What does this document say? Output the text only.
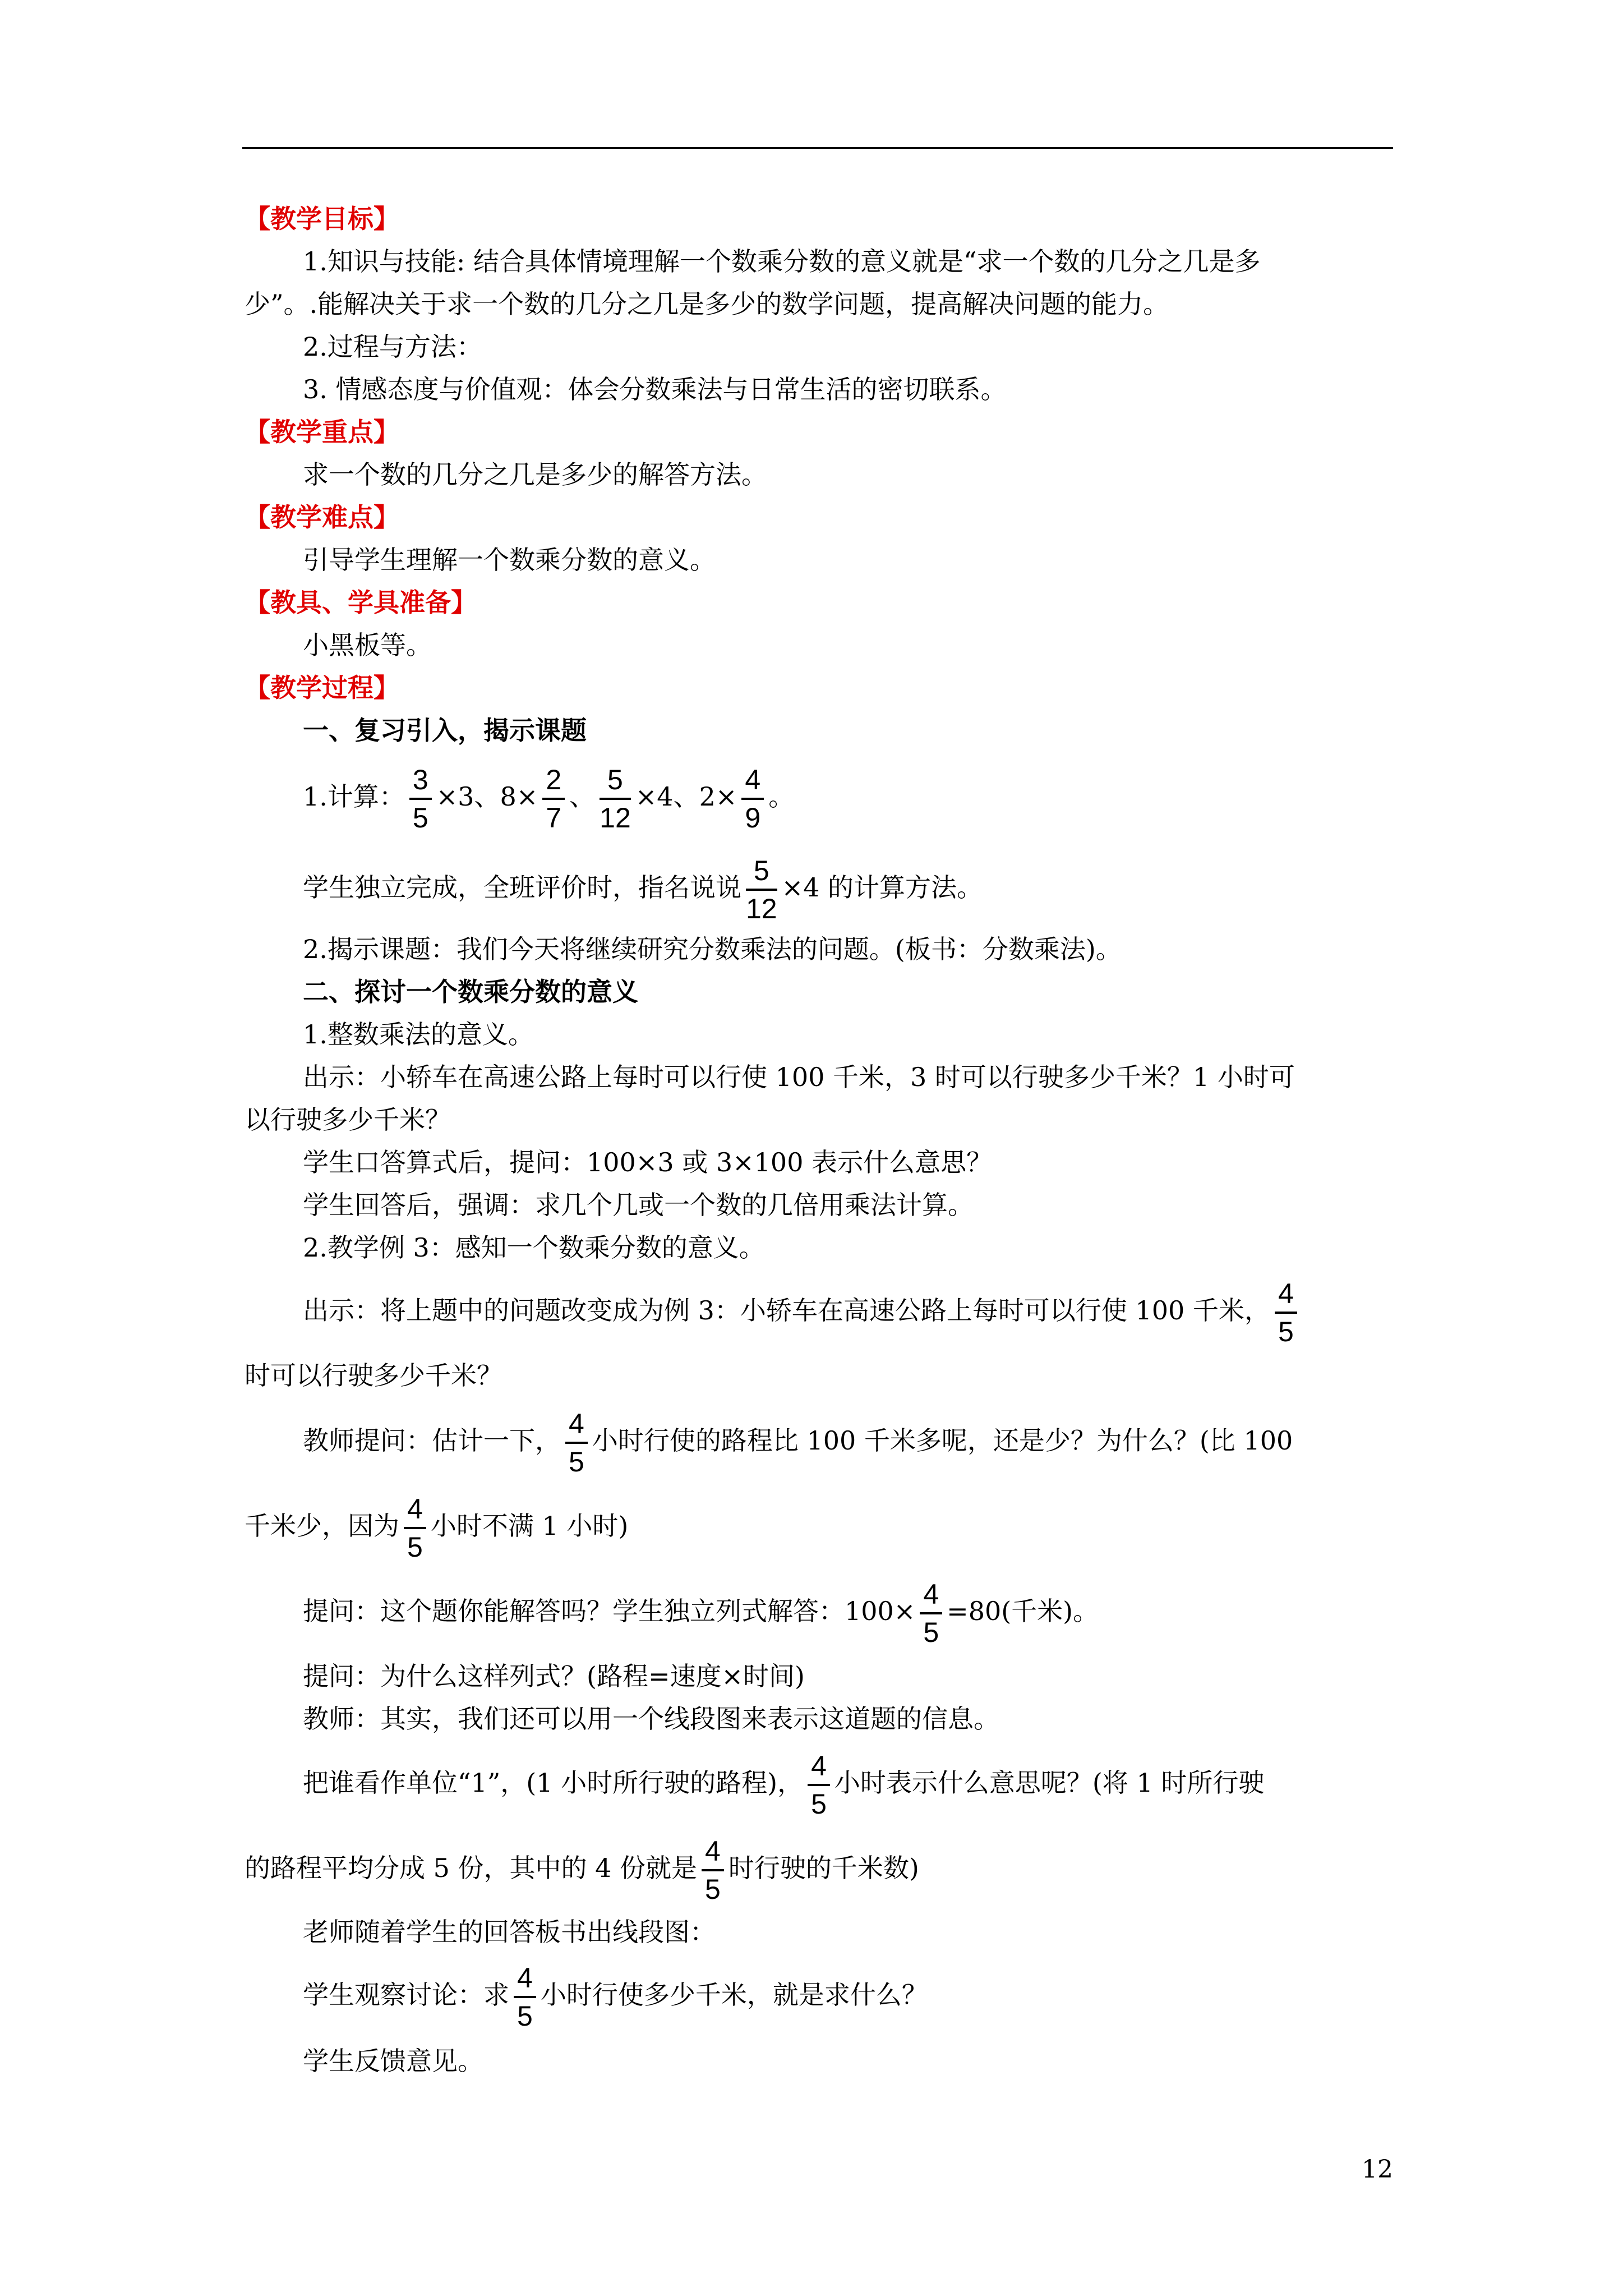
【教学目标】
1.知识与技能: 结合具体情境理解一个数乘分数的意义就是“求一个数的几分之几是多
少”。.能解决关于求一个数的几分之几是多少的数学问题，提高解决问题的能力。
2.过程与方法：
3. 情感态度与价值观：体会分数乘法与日常生活的密切联系。
【教学重点】
求一个数的几分之几是多少的解答方法。
【教学难点】
引导学生理解一个数乘分数的意义。
【教具、学具准备】
小黑板等。
【教学过程】
一、复习引入，揭示课题
1.计算： $\frac{3}{5} \times 3$、$8\times \frac{2}{7}$ 、 $\frac{5}{12} \times 4$、$2\times \frac{4}{9}$ 。
学生独立完成，全班评价时，指名说说 $\frac{5}{12} \times 4$ 的计算方法。
2.揭示课题：我们今天将继续研究分数乘法的问题。(板书：分数乘法)。
二、探讨一个数乘分数的意义
1.整数乘法的意义。
出示：小轿车在高速公路上每时可以行使 100 千米，3 时可以行驶多少千米？1 小时可
以行驶多少千米？
学生口答算式后，提问：100×3 或 3×100 表示什么意思？
学生回答后，强调：求几个几或一个数的几倍用乘法计算。
2.教学例 3：感知一个数乘分数的意义。
出示：将上题中的问题改变成为例 3：小轿车在高速公路上每时可以行使 100 千米， $\frac{4}{5}$
时可以行驶多少千米？
教师提问：估计一下， $\frac{4}{5}$ 小时行使的路程比 100 千米多呢，还是少？为什么？(比 100
千米少，因为 $\frac{4}{5}$ 小时不满 1 小时)
提问：这个题你能解答吗？学生独立列式解答：$100\times \frac{4}{5} =80$(千米)。
提问：为什么这样列式？(路程=速度×时间)
教师：其实，我们还可以用一个线段图来表示这道题的信息。
把谁看作单位“1”，(1 小时所行驶的路程)， $\frac{4}{5}$ 小时表示什么意思呢？(将 1 时所行驶
的路程平均分成 5 份，其中的 4 份就是 $\frac{4}{5}$ 时行驶的千米数)
老师随着学生的回答板书出线段图：
学生观察讨论：求 $\frac{4}{5}$ 小时行使多少千米，就是求什么？
学生反馈意见。
12
